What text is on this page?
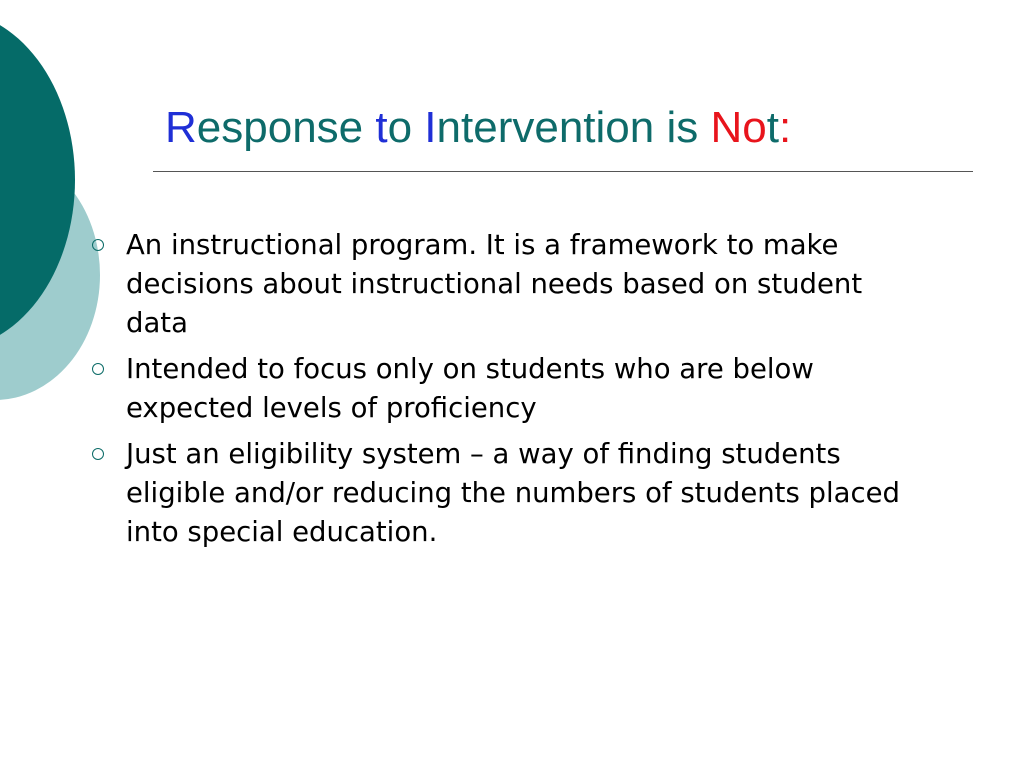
Response to Intervention is Not:
An instructional program. It is a framework to make decisions about instructional needs based on student data
Intended to focus only on students who are below expected levels of proficiency
Just an eligibility system – a way of finding students eligible and/or reducing the numbers of students placed into special education.
